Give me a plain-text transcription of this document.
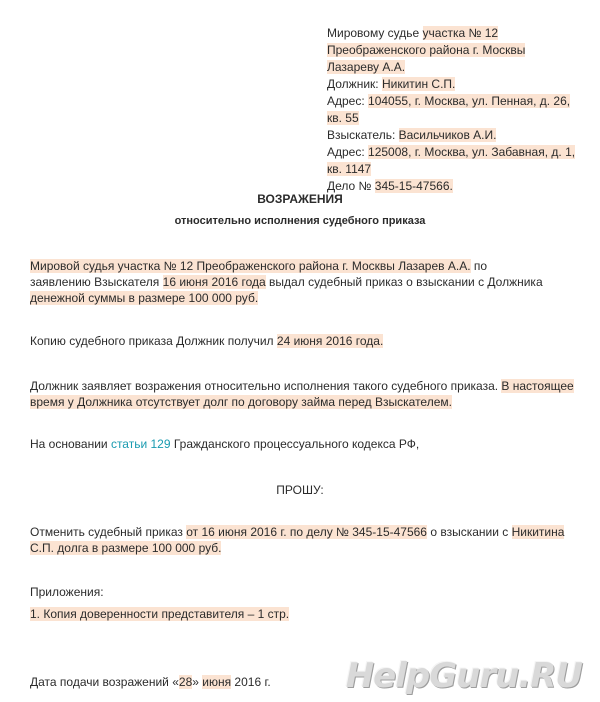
Мировому судье участка № 12
Преображенского района г. Москвы
Лазареву А.А.
Должник: Никитин С.П.
Адрес: 104055, г. Москва, ул. Пенная, д. 26,
кв. 55
Взыскатель: Васильчиков А.И.
Адрес: 125008, г. Москва, ул. Забавная, д. 1,
кв. 1147
Дело № 345-15-47566.
ВОЗРАЖЕНИЯ
относительно исполнения судебного приказа
Мировой судья участка № 12 Преображенского района г. Москвы Лазарев А.А. по
заявлению Взыскателя 16 июня 2016 года выдал судебный приказ о взыскании с Должника
денежной суммы в размере 100 000 руб.
Копию судебного приказа Должник получил 24 июня 2016 года.
Должник заявляет возражения относительно исполнения такого судебного приказа. В настоящее
время у Должника отсутствует долг по договору займа перед Взыскателем.
На основании статьи 129 Гражданского процессуального кодекса РФ,
ПРОШУ:
Отменить судебный приказ от 16 июня 2016 г. по делу № 345-15-47566 о взыскании с Никитина
С.П. долга в размере 100 000 руб.
Приложения:
1. Копия доверенности представителя – 1 стр.
Дата подачи возражений «28» июня 2016 г. HelpGuru.RU
